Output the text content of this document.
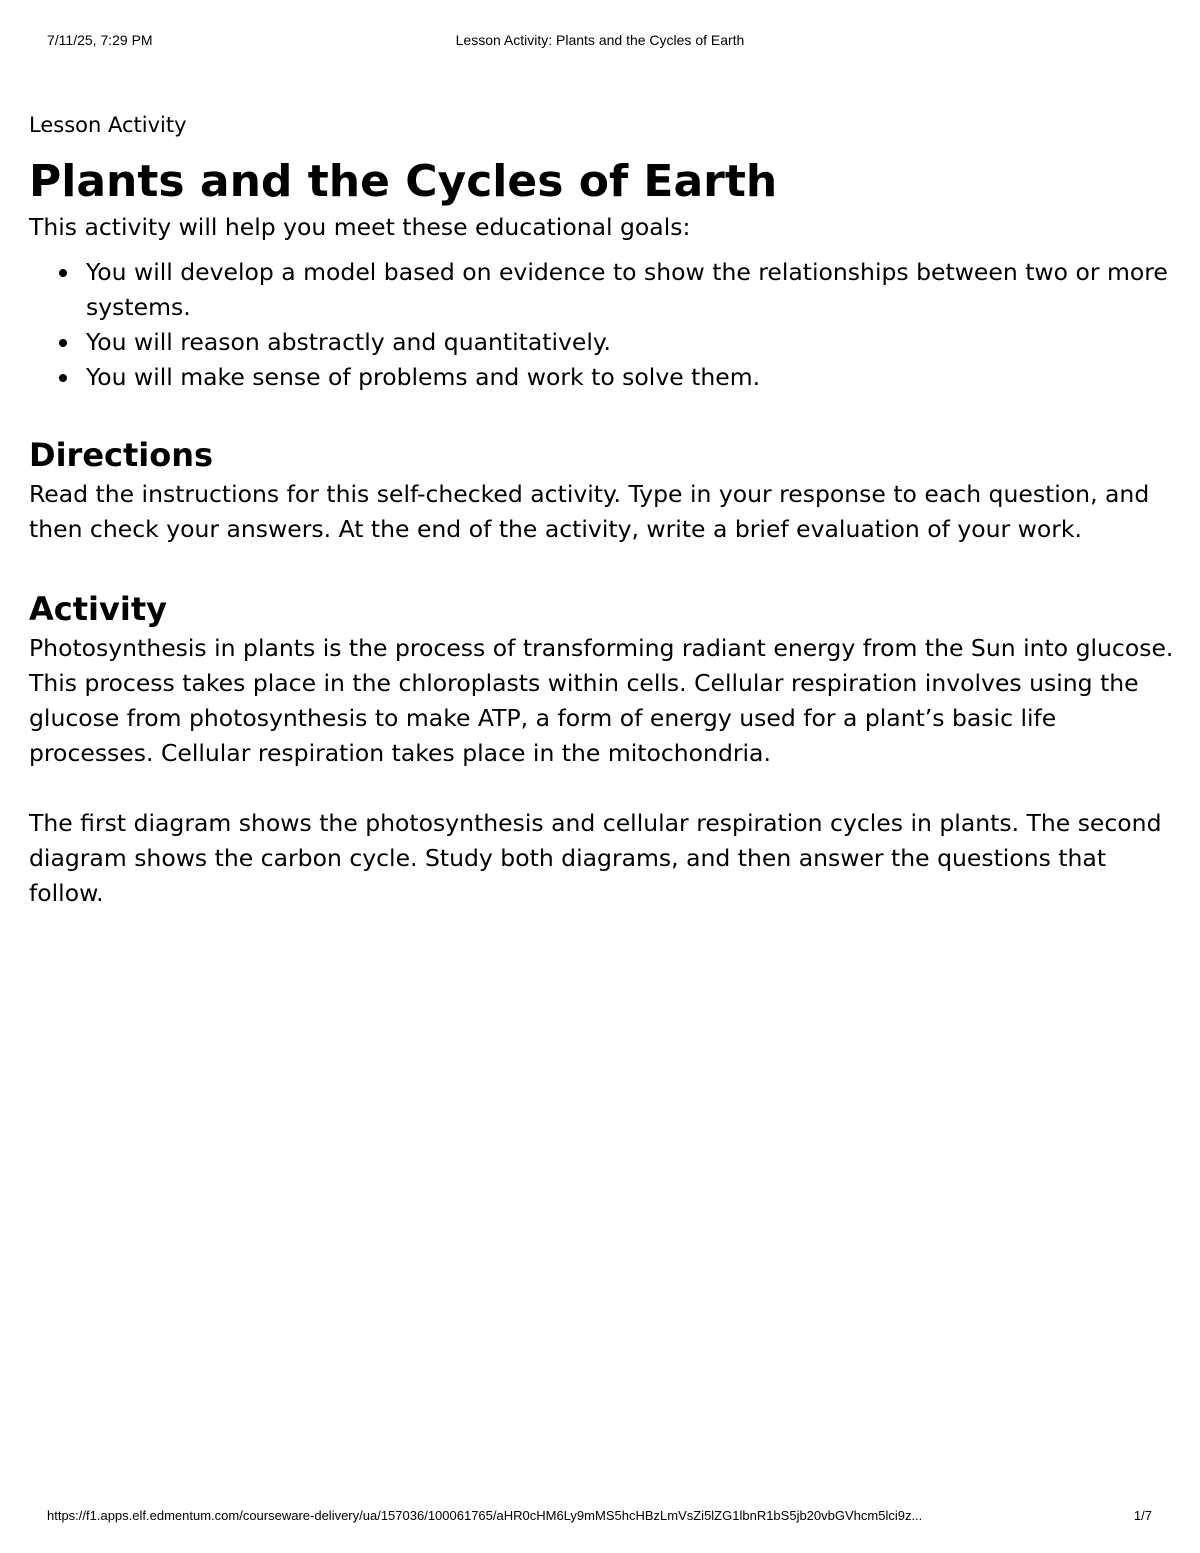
7/11/25, 7:29 PM	Lesson Activity: Plants and the Cycles of Earth

Lesson Activity

Plants and the Cycles of Earth

This activity will help you meet these educational goals:

You will develop a model based on evidence to show the relationships between two or more systems.
You will reason abstractly and quantitatively.
You will make sense of problems and work to solve them.
Directions

Read the instructions for this self-checked activity. Type in your response to each question, and then check your answers. At the end of the activity, write a brief evaluation of your work.

Activity

Photosynthesis in plants is the process of transforming radiant energy from the Sun into glucose. This process takes place in the chloroplasts within cells. Cellular respiration involves using the glucose from photosynthesis to make ATP, a form of energy used for a plant’s basic life processes. Cellular respiration takes place in the mitochondria.

The first diagram shows the photosynthesis and cellular respiration cycles in plants. The second diagram shows the carbon cycle. Study both diagrams, and then answer the questions that follow.

https://f1.apps.elf.edmentum.com/courseware-delivery/ua/157036/100061765/aHR0cHM6Ly9mMS5hcHBzLmVsZi5lZG1lbnR1bS5jb20vbGVhcm5lci9z...	1/7
